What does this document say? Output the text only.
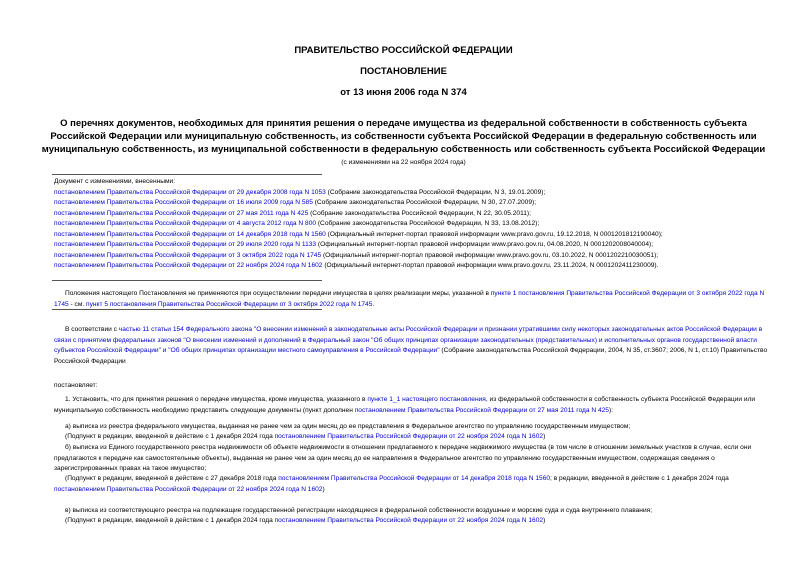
ПРАВИТЕЛЬСТВО РОССИЙСКОЙ ФЕДЕРАЦИИ
ПОСТАНОВЛЕНИЕ
от 13 июня 2006 года N 374
О перечнях документов, необходимых для принятия решения о передаче имущества из федеральной собственности в собственность субъекта Российской Федерации или муниципальную собственность, из собственности субъекта Российской Федерации в федеральную собственность или муниципальную собственность, из муниципальной собственности в федеральную собственность или собственность субъекта Российской Федерации
(с изменениями на 22 ноября 2024 года)
Документ с изменениями, внесенными:
постановлением Правительства Российской Федерации от 29 декабря 2008 года N 1053 (Собрание законодательства Российской Федерации, N 3, 19.01.2009);
постановлением Правительства Российской Федерации от 16 июля 2009 года N 585 (Собрание законодательства Российской Федерации, N 30, 27.07.2009);
постановлением Правительства Российской Федерации от 27 мая 2011 года N 425 (Собрание законодательства Российской Федерации, N 22, 30.05.2011);
постановлением Правительства Российской Федерации от 4 августа 2012 года N 800 (Собрание законодательства Российской Федерации, N 33, 13.08.2012);
постановлением Правительства Российской Федерации от 14 декабря 2018 года N 1560 (Официальный интернет-портал правовой информации www.pravo.gov.ru, 19.12.2018, N 0001201812190040);
постановлением Правительства Российской Федерации от 29 июля 2020 года N 1133 (Официальный интернет-портал правовой информации www.pravo.gov.ru, 04.08.2020, N 0001202008040004);
постановлением Правительства Российской Федерации от 3 октября 2022 года N 1745 (Официальный интернет-портал правовой информации www.pravo.gov.ru, 03.10.2022, N 0001202210030051);
постановлением Правительства Российской Федерации от 22 ноября 2024 года N 1602 (Официальный интернет-портал правовой информации www.pravo.gov.ru, 23.11.2024, N 0001202411230009).
Положения настоящего Постановления не применяются при осуществлении передачи имущества в целях реализации меры, указанной в пункте 1 постановления Правительства Российской Федерации от 3 октября 2022 года N 1745 - см. пункт 5 постановления Правительства Российской Федерации от 3 октября 2022 года N 1745.
В соответствии с частью 11 статьи 154 Федерального закона "О внесении изменений в законодательные акты Российской Федерации и признании утратившими силу некоторых законодательных актов Российской Федерации в связи с принятием федеральных законов "О внесении изменений и дополнений в Федеральный закон "Об общих принципах организации законодательных (представительных) и исполнительных органов государственной власти субъектов Российской Федерации" и "Об общих принципах организации местного самоуправления в Российской Федерации" (Собрание законодательства Российской Федерации, 2004, N 35, ст.3607; 2006, N 1, ст.10) Правительство Российской Федерации
постановляет:
1. Установить, что для принятия решения о передаче имущества, кроме имущества, указанного в пункте 1_1 настоящего постановления, из федеральной собственности в собственность субъекта Российской Федерации или муниципальную собственность необходимо представить следующие документы (пункт дополнен постановлением Правительства Российской Федерации от 27 мая 2011 года N 425):
а) выписка из реестра федерального имущества, выданная не ранее чем за один месяц до ее представления в Федеральное агентство по управлению государственным имуществом;
(Подпункт в редакции, введенной в действие с 1 декабря 2024 года постановлением Правительства Российской Федерации от 22 ноября 2024 года N 1602)
б) выписка из Единого государственного реестра недвижимости об объекте недвижимости в отношении предлагаемого к передаче недвижимого имущества (в том числе в отношении земельных участков в случае, если они предлагаются к передаче как самостоятельные объекты), выданная не ранее чем за один месяц до ее направления в Федеральное агентство по управлению государственным имуществом, содержащая сведения о зарегистрированных правах на такое имущество;
(Подпункт в редакции, введенной в действие с 27 декабря 2018 года постановлением Правительства Российской Федерации от 14 декабря 2018 года N 1560; в редакции, введенной в действие с 1 декабря 2024 года постановлением Правительства Российской Федерации от 22 ноября 2024 года N 1602)
в) выписка из соответствующего реестра на подлежащие государственной регистрации находящиеся в федеральной собственности воздушные и морские суда и суда внутреннего плавания;
(Подпункт в редакции, введенной в действие с 1 декабря 2024 года постановлением Правительства Российской Федерации от 22 ноября 2024 года N 1602)
